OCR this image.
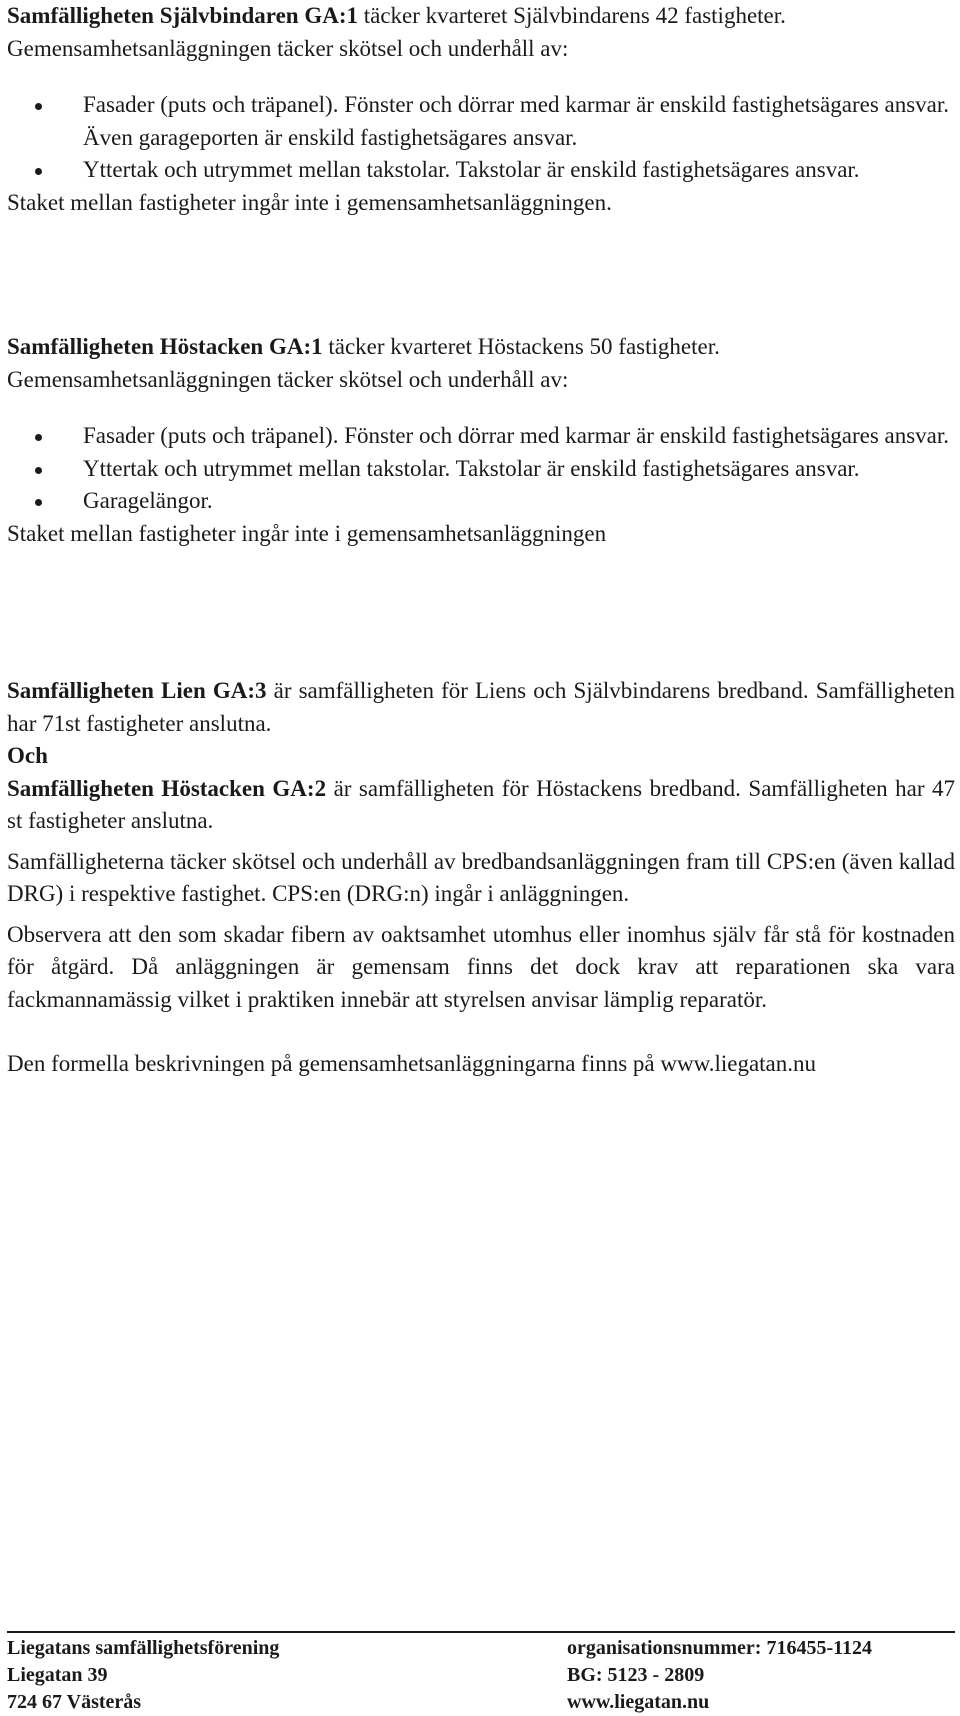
Samfälligheten Självbindaren GA:1 täcker kvarteret Självbindarens 42 fastigheter.

Gemensamhetsanläggningen täcker skötsel och underhåll av:

Fasader (puts och träpanel). Fönster och dörrar med karmar är enskild fastighetsägares ansvar. Även garageporten är enskild fastighetsägares ansvar.
Yttertak och utrymmet mellan takstolar. Takstolar är enskild fastighetsägares ansvar.

Staket mellan fastigheter ingår inte i gemensamhetsanläggningen.

Samfälligheten Höstacken GA:1 täcker kvarteret Höstackens 50 fastigheter.

Gemensamhetsanläggningen täcker skötsel och underhåll av:

Fasader (puts och träpanel). Fönster och dörrar med karmar är enskild fastighetsägares ansvar.
Yttertak och utrymmet mellan takstolar. Takstolar är enskild fastighetsägares ansvar.
Garagelängor.

Staket mellan fastigheter ingår inte i gemensamhetsanläggningen

Samfälligheten Lien GA:3 är samfälligheten för Liens och Självbindarens bredband. Samfälligheten har 71st fastigheter anslutna.

Och

Samfälligheten Höstacken GA:2 är samfälligheten för Höstackens bredband. Samfälligheten har 47 st fastigheter anslutna.

Samfälligheterna täcker skötsel och underhåll av bredbandsanläggningen fram till CPS:en (även kallad DRG) i respektive fastighet. CPS:en (DRG:n) ingår i anläggningen.

Observera att den som skadar fibern av oaktsamhet utomhus eller inomhus själv får stå för kostnaden för åtgärd. Då anläggningen är gemensam finns det dock krav att reparationen ska vara fackmannamässig vilket i praktiken innebär att styrelsen anvisar lämplig reparatör.

Den formella beskrivningen på gemensamhetsanläggningarna finns på www.liegatan.nu

Liegatans samfällighetsförening	organisationsnummer: 716455-1124
Liegatan 39	BG: 5123 - 2809
724 67 Västerås	www.liegatan.nu
